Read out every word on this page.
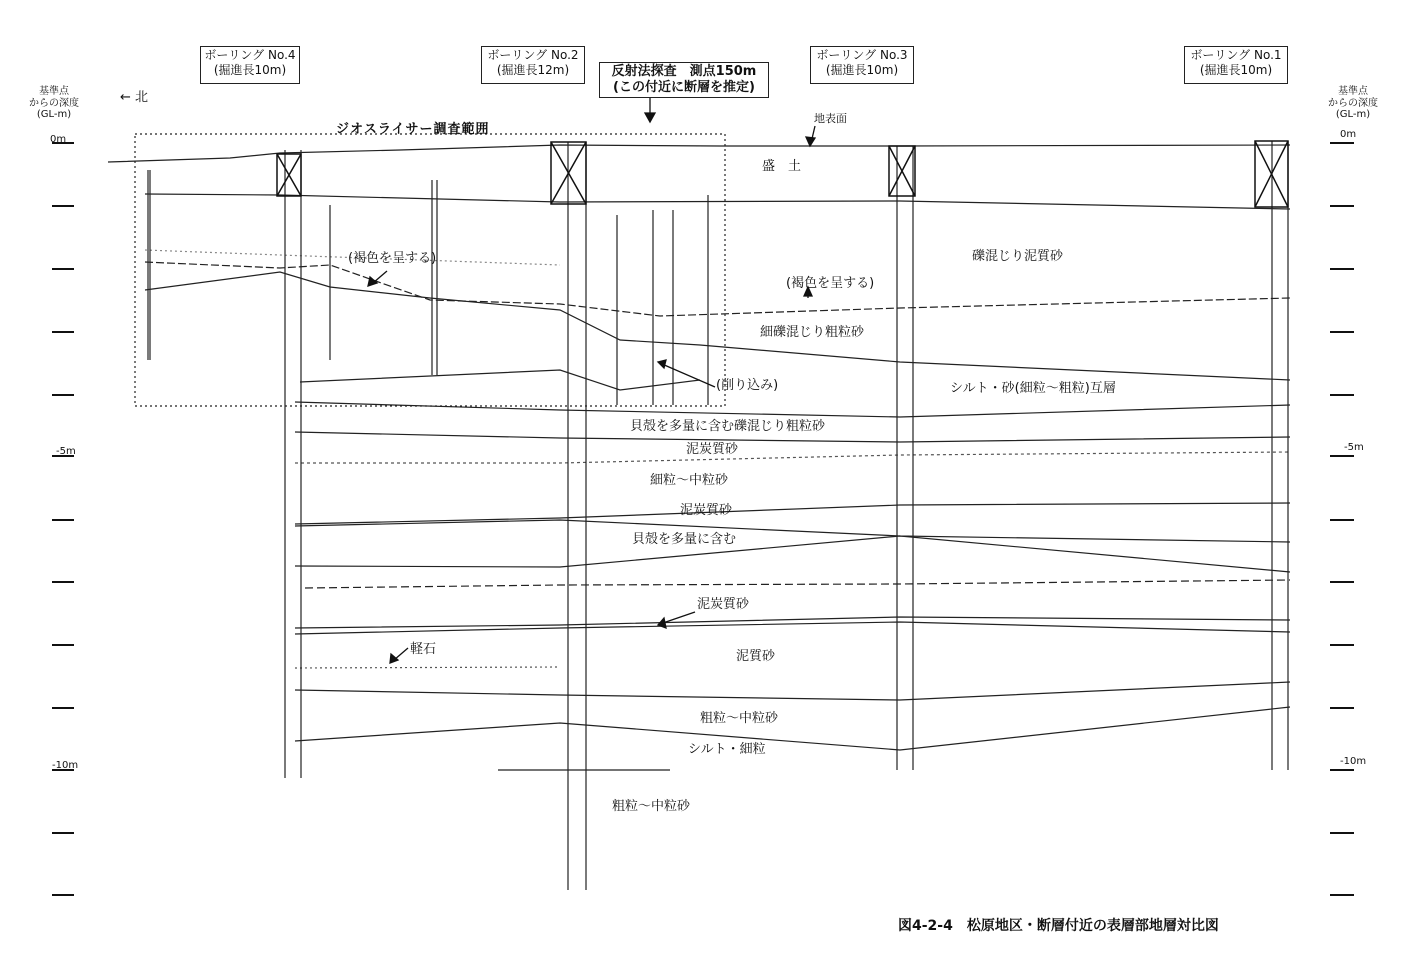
基準点
からの深度
(GL-m)
基準点
からの深度
(GL-m)
0m
-5m
-10m
0m
-5m
-10m
← 北
ジオスライサー調査範囲
ボーリング No.4
(掘進長10m)
ボーリング No.2
(掘進長12m)
ボーリング No.3
(掘進長10m)
ボーリング No.1
(掘進長10m)
反射法探査　測点150m
(この付近に断層を推定)
地表面
盛　土
礫混じり泥質砂
(褐色を呈する)
(褐色を呈する)
細礫混じり粗粒砂
(削り込み)	シルト・砂(細粒～粗粒)互層
貝殻を多量に含む礫混じり粗粒砂
泥炭質砂
細粒～中粒砂
泥炭質砂
貝殻を多量に含む
泥炭質砂
軽石	泥質砂
粗粒～中粒砂
シルト・細粒
粗粒～中粒砂
図4-2-4　松原地区・断層付近の表層部地層対比図
